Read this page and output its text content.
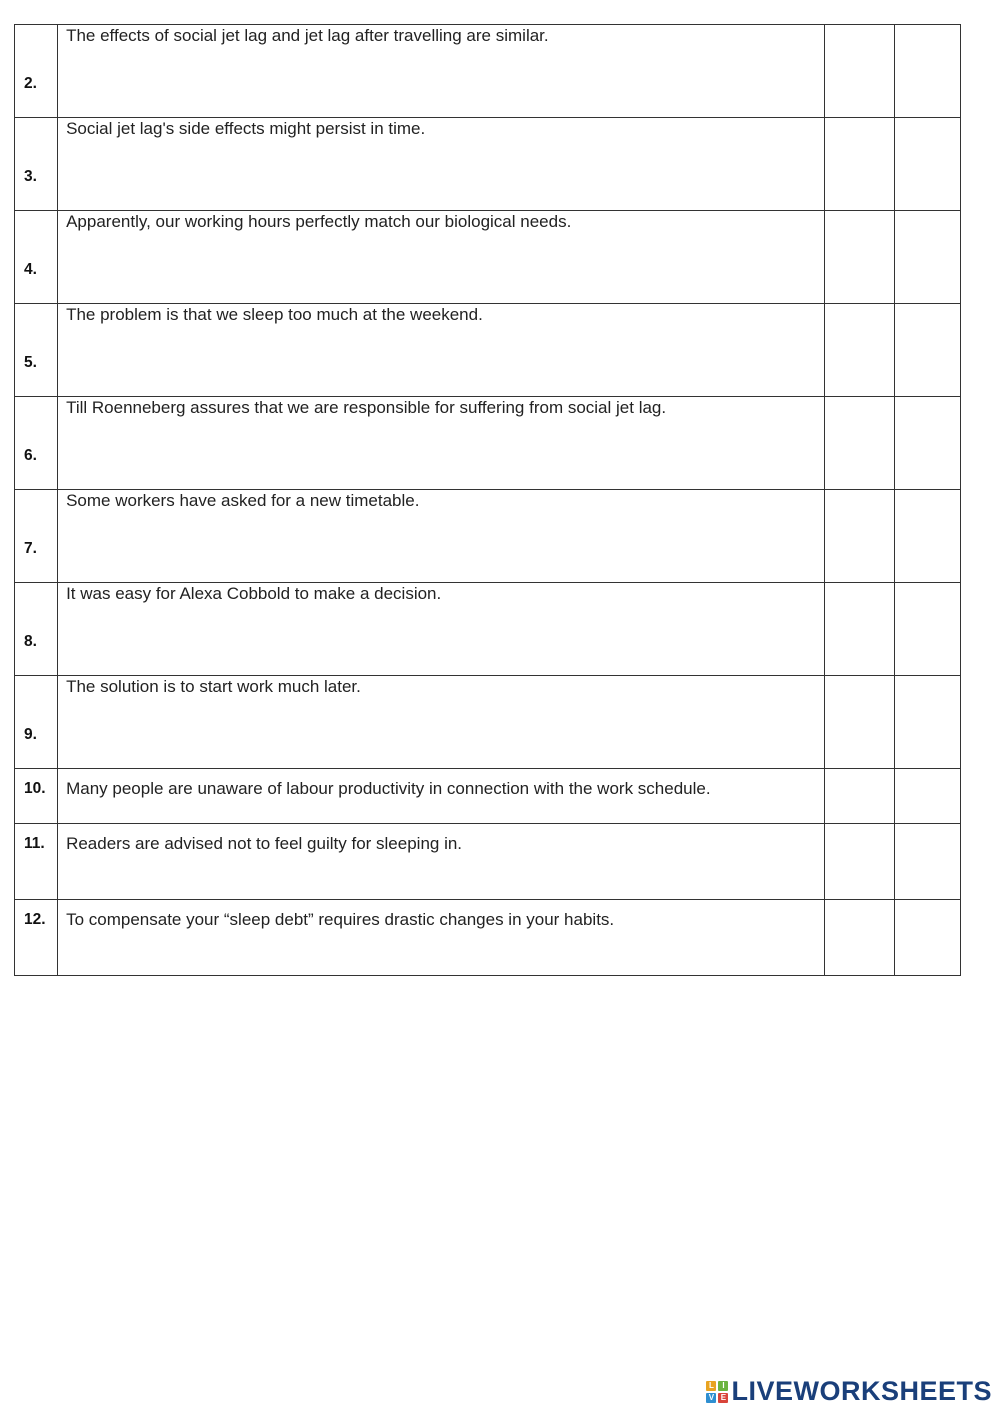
2.	The effects of social jet lag and jet lag after travelling are similar.		
3.	Social jet lag's side effects might persist in time.		
4.	Apparently, our working hours perfectly match our biological needs.		
5.	The problem is that we sleep too much at the weekend.		
6.	Till Roenneberg assures that we are responsible for suffering from social jet lag.		
7.	Some workers have asked for a new timetable.		
8.	It was easy for Alexa Cobbold to make a decision.		
9.	The solution is to start work much later.		
10.	Many people are unaware of labour productivity in connection with the work schedule.		
11.	Readers are advised not to feel guilty for sleeping in.		
12.	To compensate your “sleep debt” requires drastic changes in your habits.		
L	I
V E LIVEWORKSHEETS
